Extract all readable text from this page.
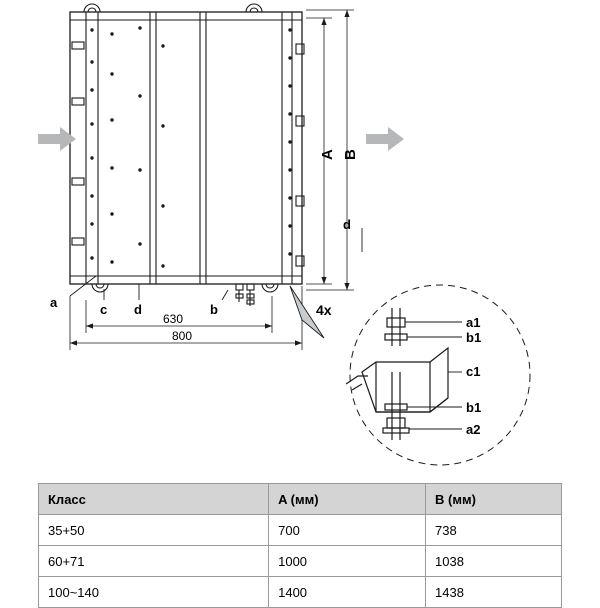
a	c d	b
A B
d
630
800
4x
a1
b1
c1
b1
a2
Класс	A (мм)	B (мм)
35+50	700	738
60+71	1000	1038
100~140	1400	1438
